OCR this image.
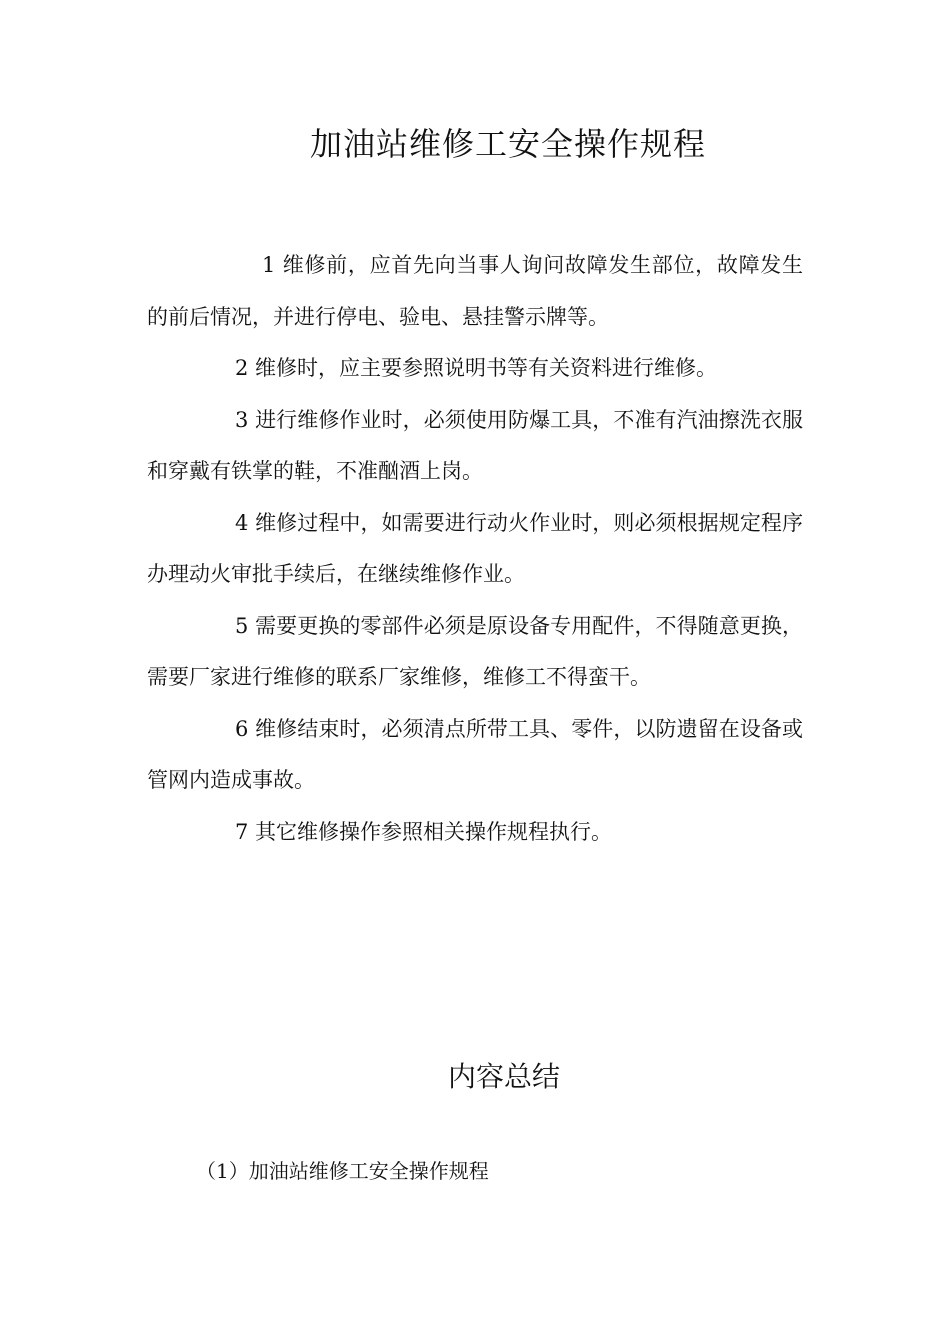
加油站维修工安全操作规程

1 维修前，应首先向当事人询问故障发生部位，故障发生的前后情况，并进行停电、验电、悬挂警示牌等。

2 维修时，应主要参照说明书等有关资料进行维修。

3 进行维修作业时，必须使用防爆工具，不准有汽油擦洗衣服和穿戴有铁掌的鞋，不准酗酒上岗。

4 维修过程中，如需要进行动火作业时，则必须根据规定程序办理动火审批手续后，在继续维修作业。

5 需要更换的零部件必须是原设备专用配件，不得随意更换，需要厂家进行维修的联系厂家维修，维修工不得蛮干。

6 维修结束时，必须清点所带工具、零件，以防遗留在设备或管网内造成事故。

7 其它维修操作参照相关操作规程执行。

内容总结

（1）加油站维修工安全操作规程
